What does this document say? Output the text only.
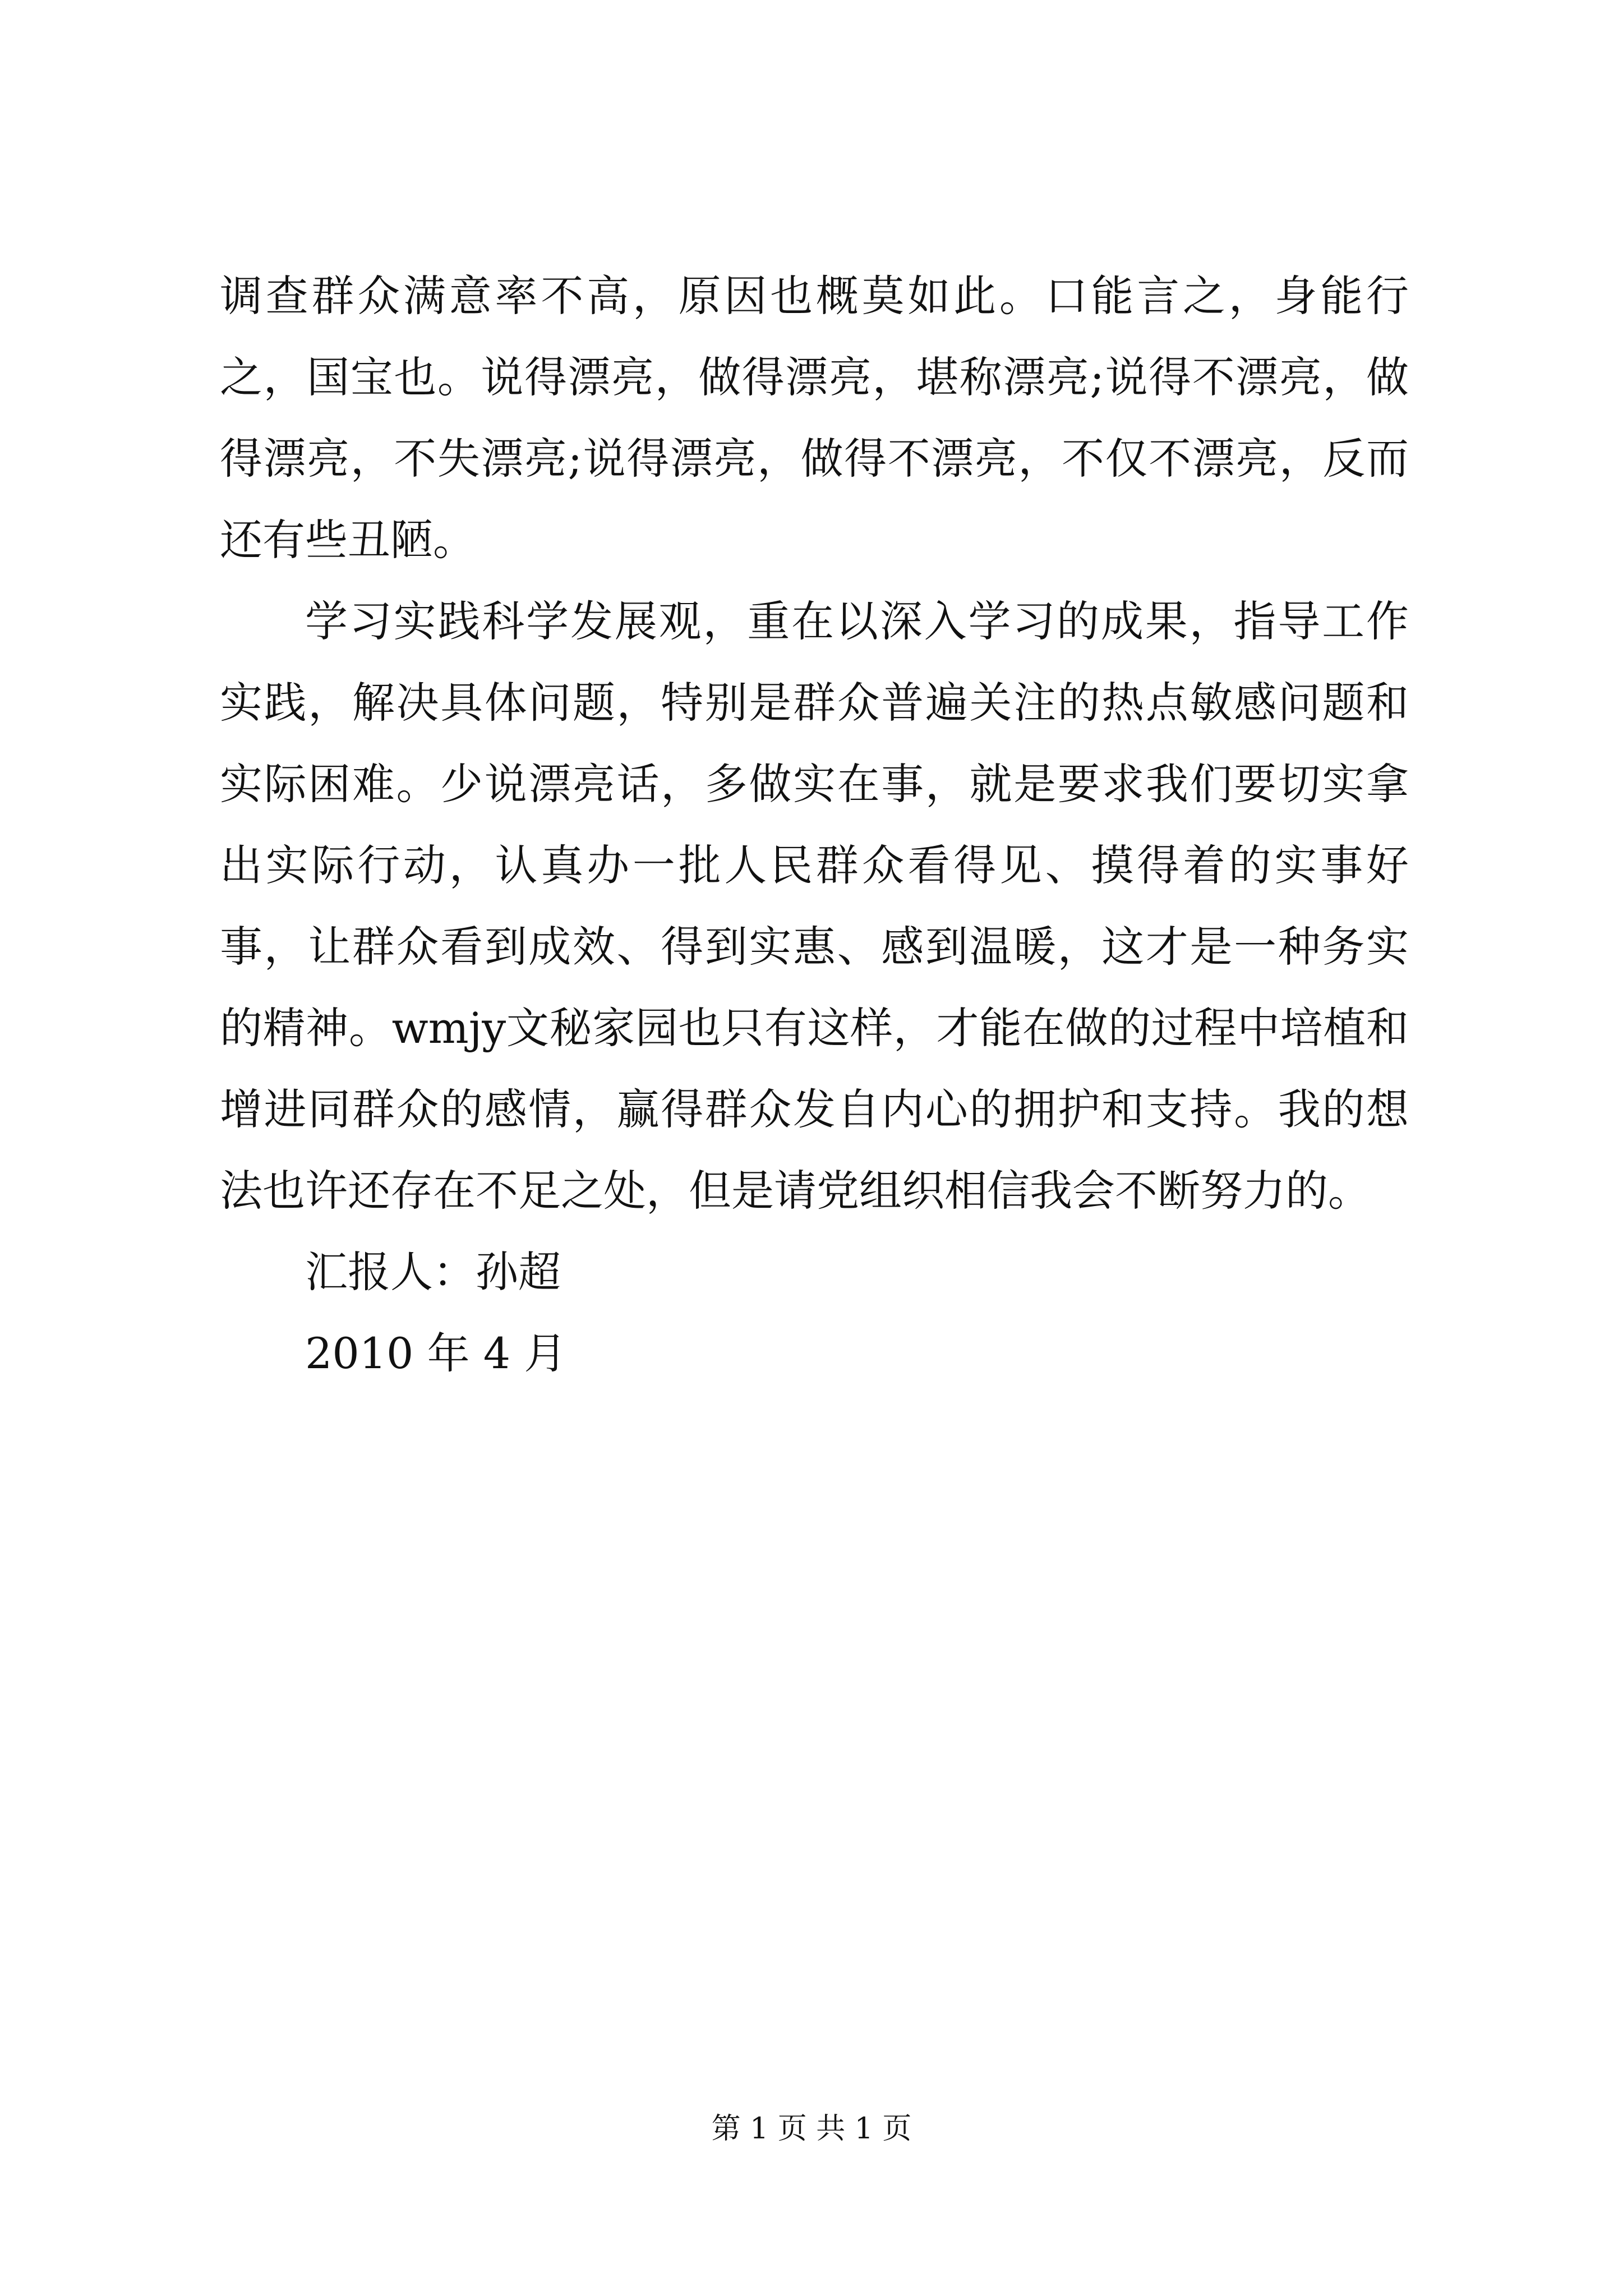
调查群众满意率不高，原因也概莫如此。口能言之，身能行之，国宝也。说得漂亮，做得漂亮，堪称漂亮;说得不漂亮，做得漂亮，不失漂亮;说得漂亮，做得不漂亮，不仅不漂亮，反而还有些丑陋。

学习实践科学发展观，重在以深入学习的成果，指导工作实践，解决具体问题，特别是群众普遍关注的热点敏感问题和实际困难。少说漂亮话，多做实在事，就是要求我们要切实拿出实际行动，认真办一批人民群众看得见、摸得着的实事好事，让群众看到成效、得到实惠、感到温暖，这才是一种务实的精神。wmjy文秘家园也只有这样，才能在做的过程中培植和增进同群众的感情，赢得群众发自内心的拥护和支持。我的想法也许还存在不足之处，但是请党组织相信我会不断努力的。

汇报人：孙超

2010 年 4 月

第 1 页 共 1 页
